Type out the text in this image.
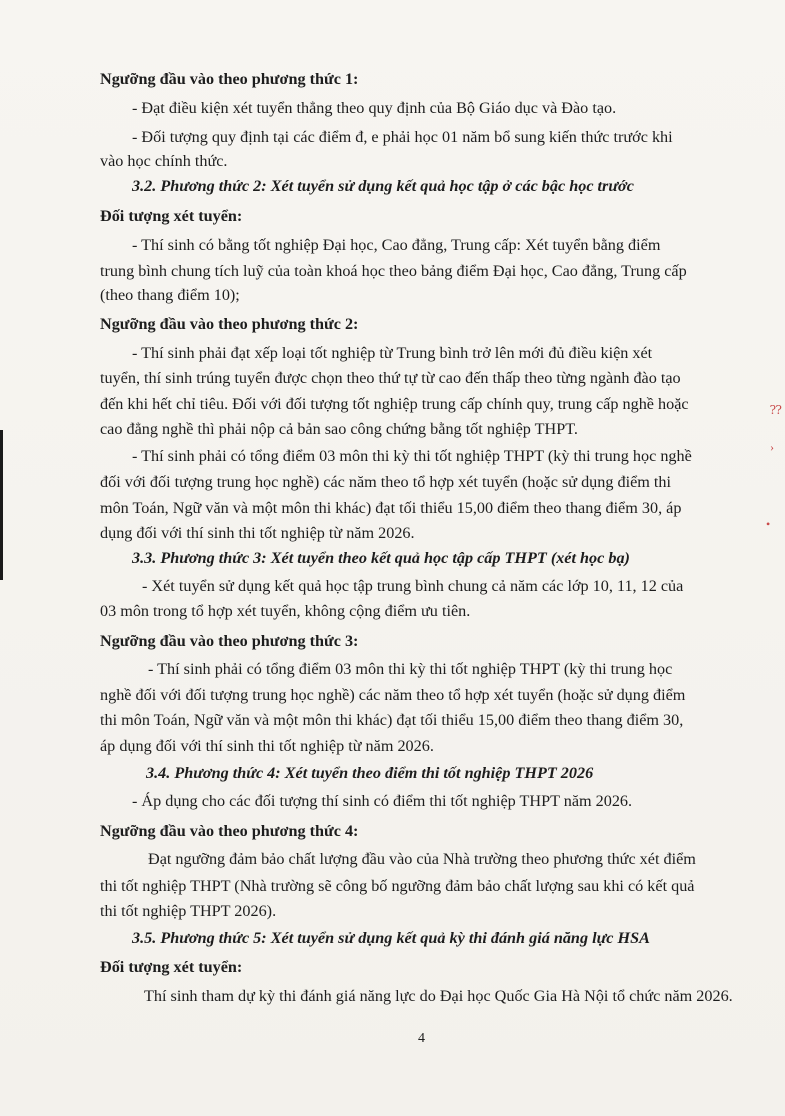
⁇
›
•
Ngưỡng đầu vào theo phương thức 1:
- Đạt điều kiện xét tuyển thẳng theo quy định của Bộ Giáo dục và Đào tạo.
- Đối tượng quy định tại các điểm đ, e phải học 01 năm bổ sung kiến thức trước khi
vào học chính thức.
3.2. Phương thức 2: Xét tuyển sử dụng kết quả học tập ở các bậc học trước
Đối tượng xét tuyển:
- Thí sinh có bằng tốt nghiệp Đại học, Cao đẳng, Trung cấp: Xét tuyển bằng điểm
trung bình chung tích luỹ của toàn khoá học theo bảng điểm Đại học, Cao đẳng, Trung cấp
(theo thang điểm 10);
Ngưỡng đầu vào theo phương thức 2:
- Thí sinh phải đạt xếp loại tốt nghiệp từ Trung bình trở lên mới đủ điều kiện xét
tuyển, thí sinh trúng tuyển được chọn theo thứ tự từ cao đến thấp theo từng ngành đào tạo
đến khi hết chỉ tiêu. Đối với đối tượng tốt nghiệp trung cấp chính quy, trung cấp nghề hoặc
cao đẳng nghề thì phải nộp cả bản sao công chứng bằng tốt nghiệp THPT.
- Thí sinh phải có tổng điểm 03 môn thi kỳ thi tốt nghiệp THPT (kỳ thi trung học nghề
đối với đối tượng trung học nghề) các năm theo tổ hợp xét tuyển (hoặc sử dụng điểm thi
môn Toán, Ngữ văn và một môn thi khác) đạt tối thiểu 15,00 điểm theo thang điểm 30, áp
dụng đối với thí sinh thi tốt nghiệp từ năm 2026.
3.3. Phương thức 3: Xét tuyển theo kết quả học tập cấp THPT (xét học bạ)
- Xét tuyển sử dụng kết quả học tập trung bình chung cả năm các lớp 10, 11, 12 của
03 môn trong tổ hợp xét tuyển, không cộng điểm ưu tiên.
Ngưỡng đầu vào theo phương thức 3:
- Thí sinh phải có tổng điểm 03 môn thi kỳ thi tốt nghiệp THPT (kỳ thi trung học
nghề đối với đối tượng trung học nghề) các năm theo tổ hợp xét tuyển (hoặc sử dụng điểm
thi môn Toán, Ngữ văn và một môn thi khác) đạt tối thiểu 15,00 điểm theo thang điểm 30,
áp dụng đối với thí sinh thi tốt nghiệp từ năm 2026.
3.4. Phương thức 4: Xét tuyển theo điểm thi tốt nghiệp THPT 2026
- Áp dụng cho các đối tượng thí sinh có điểm thi tốt nghiệp THPT năm 2026.
Ngưỡng đầu vào theo phương thức 4:
Đạt ngưỡng đảm bảo chất lượng đầu vào của Nhà trường theo phương thức xét điểm
thi tốt nghiệp THPT (Nhà trường sẽ công bố ngưỡng đảm bảo chất lượng sau khi có kết quả
thi tốt nghiệp THPT 2026).
3.5. Phương thức 5: Xét tuyển sử dụng kết quả kỳ thi đánh giá năng lực HSA
Đối tượng xét tuyển:
Thí sinh tham dự kỳ thi đánh giá năng lực do Đại học Quốc Gia Hà Nội tổ chức năm 2026.
4
